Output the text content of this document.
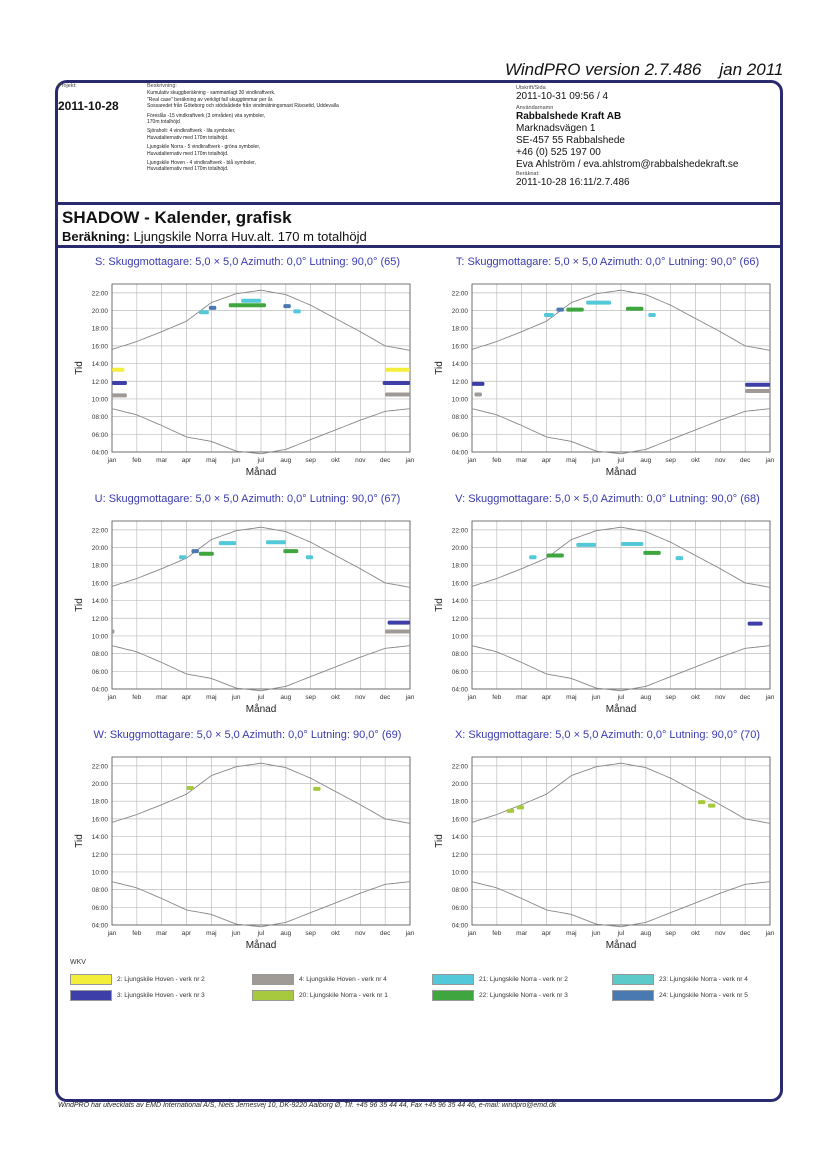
WindPRO version 2.7.486 jan 2011
Projekt:
2011-10-28
Beskrivning:

Kumulativ skuggberäkning - sammanlagt 30 vindkraftverk.
"Real case" beräkning av verkligt fall skuggtimmar per år.
Sossaredet från Göteborg och stödsådede från vindmätningsmast Rävsetid, Uddevalla

Föreslås -15 vindkraftverk (3 områden) vita symboler,
170m totalhöjd

Sjöraholt: 4 vindkraftverk - lila symboler,
Huvudalternativ med 170m totalhöjd.

Ljungskile Norra - 5 vindkraftverk - gröna symboler,
Huvudalternativ med 170m totalhöjd.

Ljungskile Hoven - 4 vindkraftverk - blå symboler,
Huvudalternativ med 170m totalhöjd.

Utskrift/Sida
2011-10-31 09:56 / 4
Användarnamn
Rabbalshede Kraft AB
Marknadsvägen 1
SE-457 55 Rabbalshede
+46 (0) 525 197 00
Eva Ahlström / eva.ahlstrom@rabbalshedekraft.se
Beräknat:
2011-10-28 16:11/2.7.486
SHADOW - Kalender, grafisk
Beräkning: Ljungskile Norra Huv.alt. 170 m totalhöjd
S: Skuggmottagare: 5,0 × 5,0 Azimuth: 0,0° Lutning: 90,0° (65)
04:00
06:00
08:00
10:00
12:00
14:00
16:00
18:00
20:00
22:00
jan feb mar apr maj jun	jul aug sep okt nov dec jan
Månad
Tid
T: Skuggmottagare: 5,0 × 5,0 Azimuth: 0,0° Lutning: 90,0° (66)
04:00
06:00
08:00
10:00
12:00
14:00
16:00
18:00
20:00
22:00
jan feb mar apr maj jun	jul aug sep okt nov dec jan
Månad
Tid
U: Skuggmottagare: 5,0 × 5,0 Azimuth: 0,0° Lutning: 90,0° (67)
04:00
06:00
08:00
10:00
12:00
14:00
16:00
18:00
20:00
22:00
jan feb mar apr maj jun	jul aug sep okt nov dec jan
Månad
Tid
V: Skuggmottagare: 5,0 × 5,0 Azimuth: 0,0° Lutning: 90,0° (68)
04:00
06:00
08:00
10:00
12:00
14:00
16:00
18:00
20:00
22:00
jan feb mar apr maj jun	jul aug sep okt nov dec jan
Månad
Tid
W: Skuggmottagare: 5,0 × 5,0 Azimuth: 0,0° Lutning: 90,0° (69)
04:00
06:00
08:00
10:00
12:00
14:00
16:00
18:00
20:00
22:00
jan feb mar apr maj jun	jul aug sep okt nov dec jan
Månad
Tid
X: Skuggmottagare: 5,0 × 5,0 Azimuth: 0,0° Lutning: 90,0° (70)
04:00
06:00
08:00
10:00
12:00
14:00
16:00
18:00
20:00
22:00
jan feb mar apr maj jun	jul aug sep okt nov dec jan
Månad
Tid
WKV
2: Ljungskile Hoven - verk nr 2
3: Ljungskile Hoven - verk nr 3
4: Ljungskile Hoven - verk nr 4
20: Ljungskile Norra - verk nr 1
21: Ljungskile Norra - verk nr 2
22: Ljungskile Norra - verk nr 3
23: Ljungskile Norra - verk nr 4
24: Ljungskile Norra - verk nr 5
WindPRO har utvecklats av EMD International A/S, Niels Jernesvej 10, DK-9220 Aalborg Ø, Tlf. +45 96 35 44 44, Fax +45 96 35 44 46, e-mail: windpro@emd.dk
